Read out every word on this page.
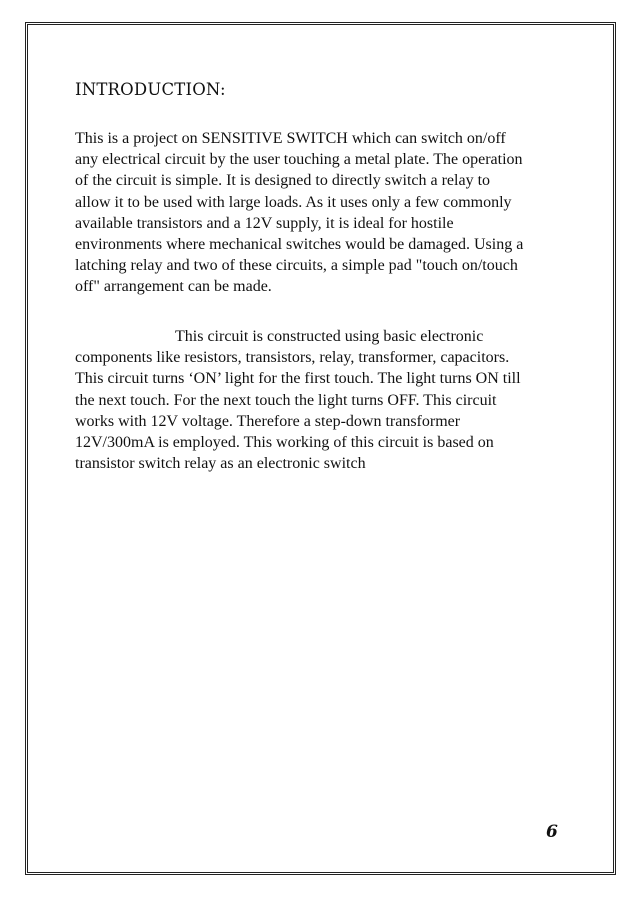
INTRODUCTION:

This is a project on SENSITIVE SWITCH which can switch on/off
any electrical circuit by the user touching a metal plate. The operation
of the circuit is simple. It is designed to directly switch a relay to
allow it to be used with large loads. As it uses only a few commonly
available transistors and a 12V supply, it is ideal for hostile
environments where mechanical switches would be damaged. Using a
latching relay and two of these circuits, a simple pad "touch on/touch
off" arrangement can be made.

This circuit is constructed using basic electronic
components like resistors, transistors, relay, transformer, capacitors.
This circuit turns ‘ON’ light for the first touch. The light turns ON till
the next touch. For the next touch the light turns OFF. This circuit
works with 12V voltage. Therefore a step-down transformer
12V/300mA is employed. This working of this circuit is based on
transistor switch relay as an electronic switch

6
